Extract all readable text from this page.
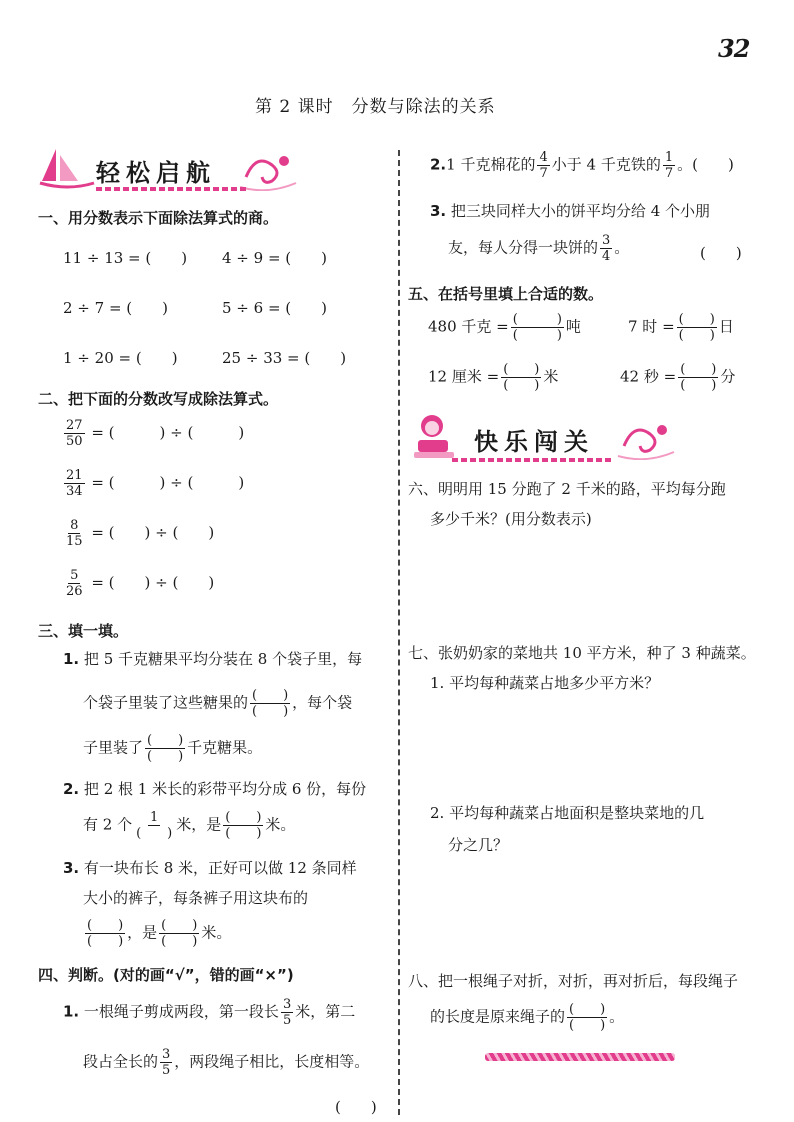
32
第 2 课时　分数与除法的关系
轻松启航
一、用分数表示下面除法算式的商。
11 ÷ 13 = (　　) 4 ÷ 9 = (　　)
2 ÷ 7 = (　　)	5 ÷ 6 = (　　)
1 ÷ 20 = (　　)	25 ÷ 33 = (　　)
二、把下面的分数改写成除法算式。
$\frac{27}{50}$ = (　　　) ÷ (　　　)
$\frac{21}{34}$ = (　　　) ÷ (　　　)
$\frac{8}{15}$ = (　　) ÷ (　　)
$\frac{5}{26}$ = (　　) ÷ (　　)
三、填一填。
1. 把 5 千克糖果平均分装在 8 个袋子里，每
个袋子里装了这些糖果的 (　　)
(　　) ，每个袋
子里装了 (　　)
(　　) 千克糖果。
2. 把 2 根 1 米长的彩带平均分成 6 份，每份
有 2 个 1
(　　) 米，是 (　　)
(　　) 米。
3. 有一块布长 8 米，正好可以做 12 条同样
大小的裤子，每条裤子用这块布的
(　　)
(　　) ，是 (　　)
(　　) 米。
四、判断。(对的画“√”，错的画“×”)
1. 一根绳子剪成两段，第一段长 $\frac{3}{5}$ 米，第二
段占全长的 $\frac{3}{5}$ ，两段绳子相比，长度相等。
(　　)
2.1 千克棉花的 $\frac{4}{7}$ 小于 4 千克铁的 $\frac{1}{7}$ 。(　　)
3. 把三块同样大小的饼平均分给 4 个小朋
友，每人分得一块饼的 $\frac{3}{4}$ 。	(　　)
五、在括号里填上合适的数。
480 千克 = (　　　)
(　　　) 吨	7 时 = (　　)
(　　) 日
12 厘米 = (　　)
(　　) 米	42 秒 = (　　)
(　　) 分
快乐闯关
六、明明用 15 分跑了 2 千米的路，平均每分跑
多少千米？(用分数表示)
七、张奶奶家的菜地共 10 平方米，种了 3 种蔬菜。
1. 平均每种蔬菜占地多少平方米？
2. 平均每种蔬菜占地面积是整块菜地的几
分之几？
八、把一根绳子对折，对折，再对折后，每段绳子
的长度是原来绳子的 (　　)
(　　) 。
